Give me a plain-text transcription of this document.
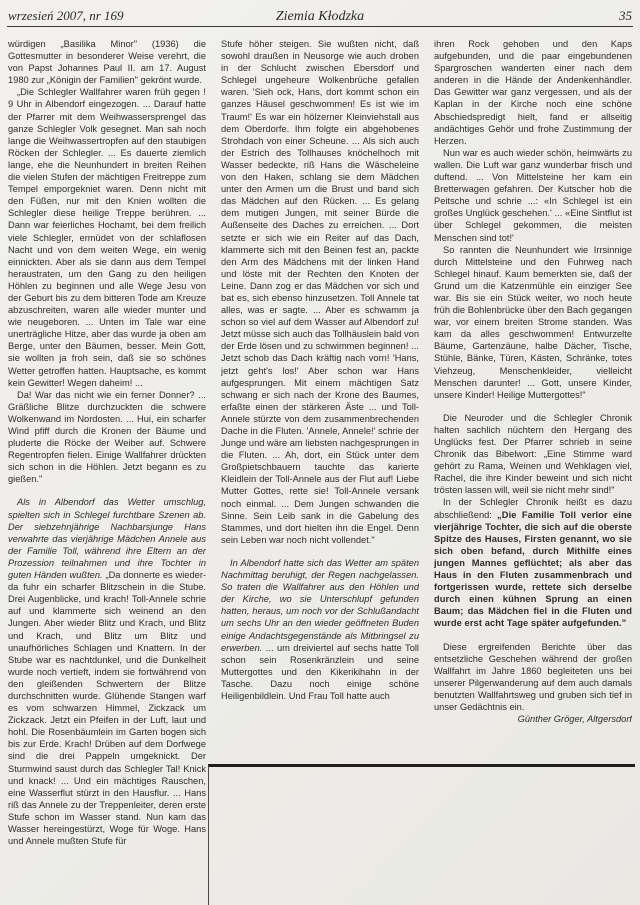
wrzesień 2007, nr 169	Ziemia Kłodzka	35

würdigen „Basilika Minor" (1936) die Gottesmutter in besonderer Weise verehrt, die von Papst Johannes Paul II. am 17. August 1980 zur „Königin der Familien" gekrönt wurde.

„Die Schlegler Wallfahrer waren früh gegen ! 9 Uhr in Albendorf eingezogen. ... Darauf hatte der Pfarrer mit dem Weihwassersprengel das ganze Schlegler Volk gesegnet. Man sah noch lange die Weihwassertropfen auf den staubigen Röcken der Schlegler. ... Es dauerte ziemlich lange, ehe die Neunhundert in breiten Reihen die vielen Stufen der mächtigen Freitreppe zum Tempel emporgekniet waren. Denn nicht mit den Füßen, nur mit den Knien wollten die Schlegler diese heilige Treppe berühren. ... Dann war feierliches Hochamt, bei dem freilich viele Schlegler, ermüdet von der schlaflosen Nacht und von dem weiten Wege, ein wenig einnickten. Aber als sie dann aus dem Tempel heraustraten, um den Gang zu den heiligen Höhlen zu beginnen und alle Wege Jesu von der Geburt bis zu dem bitteren Tode am Kreuze abzuschreiten, waren alle wieder munter und wie neugeboren. ... Unten im Tale war eine unerträgliche Hitze, aber das wurde ja oben am Berge, unter den Bäumen, besser. Mein Gott, sie wollten ja froh sein, daß sie so schönes Wetter getroffen hatten. Hauptsache, es kommt kein Gewitter! Wegen daheim! ...

Da! War das nicht wie ein ferner Donner? ... Gräßliche Blitze durchzuckten die schwere Wolkenwand im Nordosten. ... Hui, ein scharfer Wind pfiff durch die Kronen der Bäume und pluderte die Röcke der Weiber auf. Schwere Regentropfen fielen. Einige Wallfahrer drückten sich schon in die Höhlen. Jetzt begann es zu gießen."

Als in Albendorf das Wetter umschlug, spielten sich in Schlegel furchtbare Szenen ab. Der siebzehnjährige Nachbarsjunge Hans verwahrte das vierjährige Mädchen Annele aus der Familie Toll, während ihre Eltern an der Prozession teilnahmen und ihre Tochter in guten Händen wußten. „Da donnerte es wieder- da fuhr ein scharfer Blitzschein in die Stube. Drei Augenblicke, und krach! Toll-Annele schrie auf und klammerte sich weinend an den Jungen. Aber wieder Blitz und Krach, und Blitz und Krach, und Blitz um Blitz und unaufhörliches Schlagen und Knattern. In der Stube war es nachtdunkel, und die Dunkelheit wurde noch vertieft, indem sie fortwährend von den gleißenden Schwertern der Blitze durchschnitten wurde. Glühende Stangen warf es vom schwarzen Himmel, Zickzack um Zickzack. Jetzt ein Pfeifen in der Luft, laut und hohl. Die Rosenbäumlein im Garten bogen sich bis zur Erde. Krach! Drüben auf dem Dorfwege sind die drei Pappeln umgeknickt. Der Sturmwind saust durch das Schlegler Tal! Knick und knack! ... Und ein mächtiges Rauschen, eine Wasserflut stürzt in den Hausflur. ... Hans riß das Annele zu der Treppenleiter, deren erste Stufe schon im Wasser stand. Nun kam das Wasser hereingestürzt, Woge für Woge. Hans und Annele mußten Stufe für

Stufe höher steigen. Sie wußten nicht, daß sowohl draußen in Neusorge wie auch droben in der Schlucht zwischen Ebersdorf und Schlegel ungeheure Wolkenbrüche gefallen waren. 'Sieh ock, Hans, dort kommt schon ein ganzes Häusel geschwommen! Es ist wie im Traum!' Es war ein hölzerner Kleinviehstall aus dem Oberdorfe. Ihm folgte ein abgehobenes Strohdach von einer Scheune. ... Als sich auch der Estrich des Tollhauses knöchelhoch mit Wasser bedeckte, riß Hans die Wäscheleine von den Haken, schlang sie dem Mädchen unter den Armen um die Brust und band sich das Mädchen auf den Rücken. ... Es gelang dem mutigen Jungen, mit seiner Bürde die Außenseite des Daches zu erreichen. ... Dort setzte er sich wie ein Reiter auf das Dach, klammerte sich mit den Beinen fest an, packte den Arm des Mädchens mit der linken Hand und löste mit der Rechten den Knoten der Leine. Dann zog er das Mädchen vor sich und bat es, sich ebenso hinzusetzen. Toll Annele tat alles, was er sagte. ... Aber es schwamm ja schon so viel auf dem Wasser auf Albendorf zu! Jetzt müsse sich auch das Tollhäuslein bald von der Erde lösen und zu schwimmen beginnen! ... Jetzt schob das Dach kräftig nach vorn! 'Hans, jetzt geht's los!' Aber schon war Hans aufgesprungen. Mit einem mächtigen Satz schwang er sich nach der Krone des Baumes, erfaßte einen der stärkeren Äste ... und Toll-Annele stürzte von dem zusammenbrechenden Dache in die Fluten. 'Annele, Annele!' schrie der Junge und wäre am liebsten nachgesprungen in die Fluten. ... Ah, dort, ein Stück unter dem Großpietschbauern tauchte das karierte Kleidlein der Toll-Annele aus der Flut auf! Liebe Mutter Gottes, rette sie! Toll-Annele versank noch einmal. ... Dem Jungen schwanden die Sinne. Sein Leib sank in die Gabelung des Stammes, und dort hielten ihn die Engel. Denn sein Leben war noch nicht vollendet."

In Albendorf hatte sich das Wetter am späten Nachmittag beruhigt, der Regen nachgelassen. So traten die Wallfahrer aus den Höhlen und der Kirche, wo sie Unterschlupf gefunden hatten, heraus, um noch vor der Schlußandacht um sechs Uhr an den wieder geöffneten Buden einige Andachtsgegenstände als Mitbringsel zu erwerben. ... um dreiviertel auf sechs hatte Toll schon sein Rosenkränzlein und seine Muttergottes und den Kikerikihahn in der Tasche. Dazu noch einige schöne Heiligenbildlein. Und Frau Toll hatte auch

ihren Rock gehoben und den Kaps aufgebunden, und die paar eingebundenen Spargroschen wanderten einer nach dem anderen in die Hände der Andenkenhändler. Das Gewitter war ganz vergessen, und als der Kaplan in der Kirche noch eine schöne Abschiedspredigt hielt, fand er allseitig andächtiges Gehör und frohe Zustimmung der Herzen.

Nun war es auch wieder schön, heimwärts zu wallen. Die Luft war ganz wunderbar frisch und duftend. ... Von Mittelsteine her kam ein Bretterwagen gefahren. Der Kutscher hob die Peitsche und schrie ...: «In Schlegel ist ein großes Unglück geschehen.' ... «Eine Sintflut ist über Schlegel gekommen, die meisten Menschen sind tot!'

So rannten die Neunhundert wie Irrsinnige durch Mittelsteine und den Fuhrweg nach Schlegel hinauf. Kaum bemerkten sie, daß der Grund um die Katzenmühle ein einziger See war. Bis sie ein Stück weiter, wo noch heute früh die Bohlenbrücke über den Bach gegangen war, vor einem breiten Strome standen. Was kam da alles geschwommen! Entwurzelte Bäume, Gartenzäune, halbe Dächer, Tische, Stühle, Bänke, Türen, Kästen, Schränke, totes Viehzeug, Menschenkleider, vielleicht Menschen darunter! ... Gott, unsere Kinder, unsere Kinder! Heilige Muttergottes!"

Die Neuroder und die Schlegler Chronik halten sachlich nüchtern den Hergang des Unglücks fest. Der Pfarrer schrieb in seine Chronik das Bibelwort: „Eine Stimme ward gehört zu Rama, Weinen und Wehklagen viel, Rachel, die ihre Kinder beweint und sich nicht trösten lassen will, weil sie nicht mehr sind!"

In der Schlegler Chronik heißt es dazu abschließend: „Die Familie Toll verlor eine vierjährige Tochter, die sich auf die oberste Spitze des Hauses, Firsten genannt, wo sie sich oben befand, durch Mithilfe eines jungen Mannes geflüchtet; als aber das Haus in den Fluten zusammenbrach und fortgerissen wurde, rettete sich derselbe durch einen kühnen Sprung an einen Baum; das Mädchen fiel in die Fluten und wurde erst acht Tage später aufgefunden."

Diese ergreifenden Berichte über das entsetzliche Geschehen während der großen Wallfahrt im Jahre 1860 begleiteten uns bei unserer Pilgerwanderung auf dem auch damals benutzten Wallfahrtsweg und gruben sich tief in unser Gedächtnis ein.

Günther Gröger, Altgersdorf
